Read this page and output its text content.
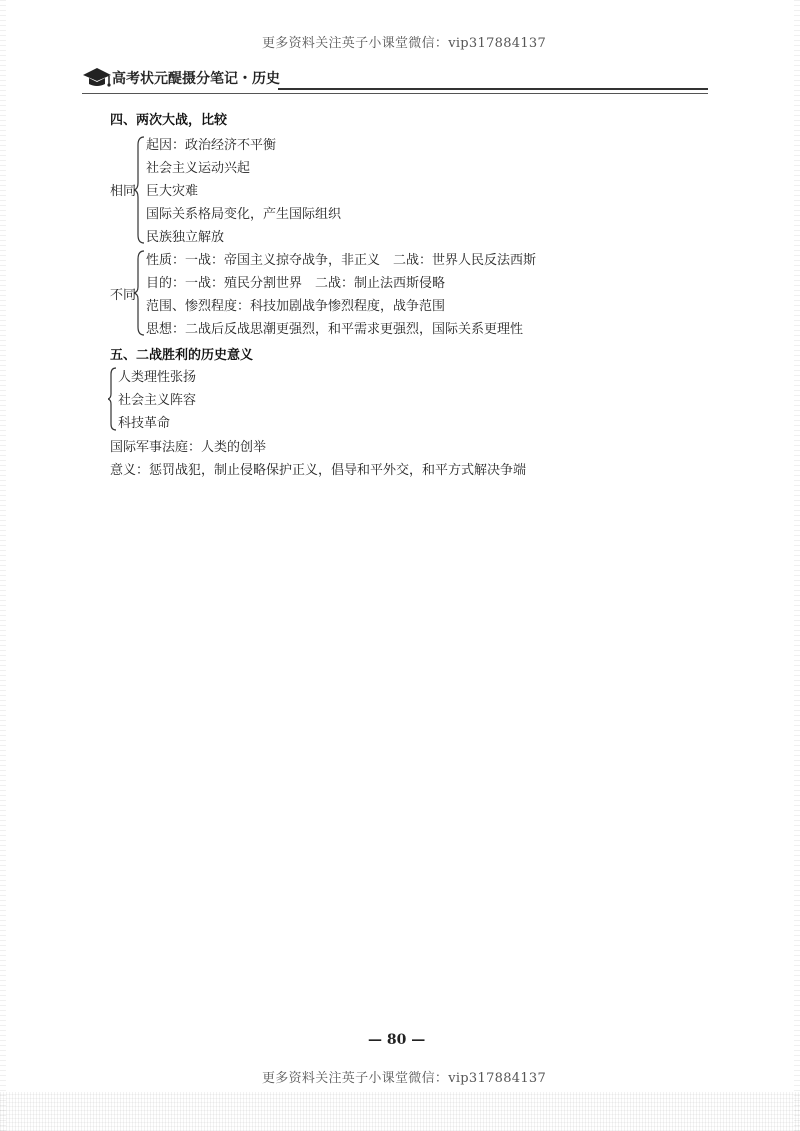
更多资料关注英子小课堂微信：vip317884137
高考状元醍摄分笔记・历史
四、两次大战，比较
相同
起因：政治经济不平衡
社会主义运动兴起
巨大灾难
国际关系格局变化，产生国际组织
民族独立解放
不同
性质：一战：帝国主义掠夺战争，非正义　二战：世界人民反法西斯
目的：一战：殖民分割世界　二战：制止法西斯侵略
范围、惨烈程度：科技加剧战争惨烈程度，战争范围
思想：二战后反战思潮更强烈，和平需求更强烈，国际关系更理性
五、二战胜利的历史意义
人类理性张扬
社会主义阵容
科技革命
国际军事法庭：人类的创举
意义：惩罚战犯，制止侵略保护正义，倡导和平外交，和平方式解决争端
— 80 —
更多资料关注英子小课堂微信：vip317884137
